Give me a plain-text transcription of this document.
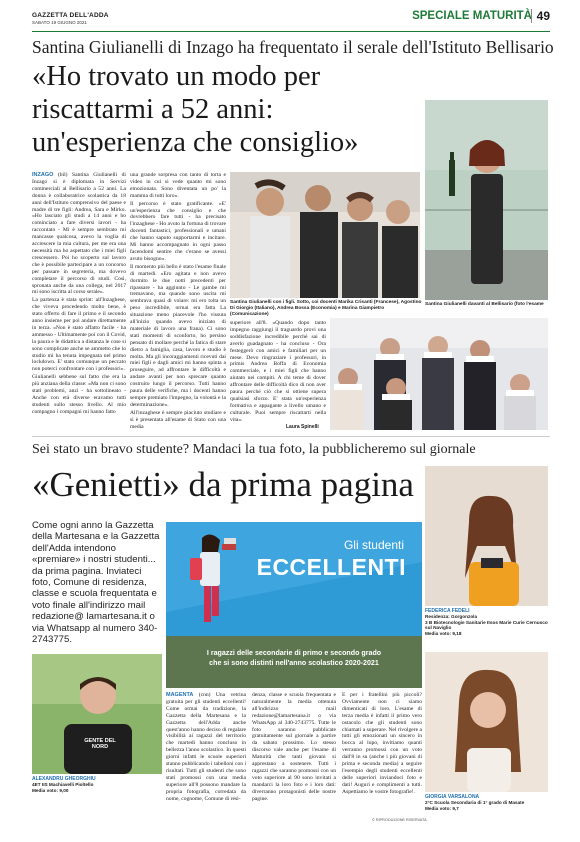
GAZZETTA DELL'ADDA
SABATO 19 GIUGNO 2021
SPECIALE MATURITÀ 49
Santina Giulianelli di Inzago ha frequentato il serale dell'Istituto Bellisario
«Ho trovato un modo per riscattarmi a 52 anni: un'esperienza che consiglio»

INZAGO (bil) Santina Giulianelli di Inzago si è diplomata in Servizi commerciali al Bellisario a 52 anni. La donna è collaboratrice scolastica da 18 anni dell'Istituto comprensivo del paese e madre di tre figli: Andrea, Sara e Mirko. «Ho lasciato gli studi a 14 anni e ho cominciato a fare diversi lavori - ha raccontato - Mi è sempre sembrato mi mancasse qualcosa, avevo la voglia di accrescere la mia cultura, per me era una necessità ma ho aspettato che i miei figli crescessero. Poi ho scoperto sul lavoro che è possibile partecipare a un concorso per passare in segreteria, ma dovevo completare il percorso di studi. Così, spronata anche da una collega, nel 2017 mi sono iscritta al corso serale».

La partenza è stata sprint: all'Inzaghese, che viveva procedendo molto bene, è stato offerto di fare il primo e il secondo anno insieme per poi andare direttamente in terza. «Non è stato affatto facile - ha ammesso - Ultimamente poi con il Covid, la paura e le didattica a distanza le cose si sono complicate anche se ammetto che lo studio mi ha tenuta impegnata nel primo lockdown. E' stato comunque un peccato non poterci confrontare con i professori».

Giulianelli sebbene sul fatto che era la più anziana della classe: «Ma non ci sono stati problemi, anzi - ha sottolineato - Anche con età diverse eravamo tutti studenti sullo stesso livello. Al mio compagno i compagni mi hanno fatto

una grande sorpresa con tanto di torta e video in cui si vede quanto mi sono emozionata. Sono diventata un po' la mamma di tutti loro».

Il percorso è stato gratificante. «E' un'esperienza che consiglio e che dovrebbero fare tutti - ha precisato l'inzaghese - Ho avuto la fortuna di trovare docenti fantastici, professionali e umani che hanno saputo supportarmi e incitare. Mi hanno accompagnato in ogni passo facendomi sentire che c'erano se avessi avuto bisogno».

Il momento più bello è stato l'esame finale di martedì. «Ero agitata e non avevo dormito le due notti precedenti per ripassare - ha aggiunto - Le gambe mi tremavano, ma quando sono uscita mi sembrava quasi di volare: mi ero tolta un peso incredibile, ormai era fatta La situazione meno piacevole l'ho vissuta all'inizio quando avevo iniziato di materiale di lavoro una frana). Ci sono stati momenti di sconforto, ho persino pensato di mollare perché la fatica di stare dietro a famiglia, casa, lavoro e studio è molta. Ma gli incoraggiamenti ricevuti dai miei figli e dagli amici mi hanno spinta a proseguire, ad affrontare le difficoltà e andare avanti per non sprecare quanto costruito lungo il percorso. Tutti hanno paura delle verifiche, ma i docenti hanno sempre premiato l'impegno, la volontà e la determinazione».

All'inzaghese è sempre piaciuto studiare e si è presentata all'esame di Stato con una media

Santina Giulianelli con i figli. Sotto, coi docenti Marika Crisanti (Francese), Agostino Di Giorgio (Italiano), Andrea Bossa (Economia) e Marina Giampietro (Comunicazione)
Santina Giulianelli davanti al Bellisario (foto l'esame

superiore all'8. «Quando dopo tanto impegno raggiungi il traguardo provi una soddisfazione incredibile perché sai di averlo guadagnato - ha concluso - Ora festeggerò con amici e familiari per un mese. Devo ringraziare i professori, in primis Andrea Boffa di Economia commerciale, e i miei figli che hanno aiutato nei compiti. A chi teme di dover affrontare delle difficoltà dico di non aver paura perché ciò che si ottiene supera qualsiasi sforzo. E' stata un'esperienza formativa e appagante a livello umano e culturale. Puoi sempre riscattarti nella vita».

Laura Spinelli
Sei stato un bravo studente? Mandaci la tua foto, la pubblicheremo sul giornale
«Genietti» da prima pagina
Come ogni anno la Gazzetta della Martesana e la Gazzetta dell'Adda intendono «premiare» i nostri studenti... da prima pagina. Inviateci foto, Comune di residenza, classe e scuola frequentata e voto finale all'indirizzo mail redazione@ lamartesana.it o via Whatsapp al numero 340-2743775.
Gli studenti
ECCELLENTI
I ragazzi delle secondarie di primo e secondo grado
che si sono distinti nell'anno scolastico 2020-2021

MAGENTA (cnn) Una vetrina gratuita per gli studenti eccellenti! Come ormai da tradizione, la Gazzetta della Martesana e la Gazzetta dell'Adda anche quest'anno hanno deciso di regalare visibilità ai ragazzi del territorio che martedì hanno concluso in bellezza l'anno scolastico. In questi giorni infatti le scuole superiori stanno pubblicando i tabelloni con i risultati. Tutti gli studenti che sono stati promossi con una media superiore all'8 possono mandare la propria fotografia, corredata da nome, cognome, Comune di resi-

denza, classe e scuola frequentata e naturalmente la media ottenuta all'indirizzo mail redazione@lamartesana.it o via WhatsApp al 340-2743775. Tutte le foto saranno pubblicate gratuitamente sul giornale a partire da sabato prossimo. Lo stesso discorso vale anche per l'esame di Maturità che tanti giovani si apprestano a sostenere. Tutti i ragazzi che saranno promossi con un voto superiore al 90 sono invitati a mandarci la loro foto e i loro dati: diverranno protagonisti delle nostre pagine.

E per i fratellini più piccoli? Ovviamente non ci siamo dimenticati di loro. L'esame di terza media è infatti il primo vero ostacolo che gli studenti sono chiamati a superare. Nel rivolgere a tutti gli emozionati un sincero in bocca al lupo, invitiamo quanti verranno promossi con un voto dall'8 in su (anche i più giovani di prima e seconda media) a seguire l'esempio degli studenti eccellenti delle superiori inviandoci foto e dati! Auguri e complimenti a tutti. Aspettiamo le vostre fotografie!.

© RIPRODUZIONE RISERVATA
FEDERICA FEDELI
Residenza: Gorgonzola
3 B Biotecnologie Sanitarie Itsos Marie Curie Cernusco sul Naviglio
Media voto: 9,18
GENTE DEL NORD
ALEXANDRU GHEORGHIU
4ET IIS Machiavelli Pioltello
Media voto: 9,00
GIORGIA VARSALONA
2°C Scuola Secondaria di 1° grado di Masate
Media voto: 9,7
